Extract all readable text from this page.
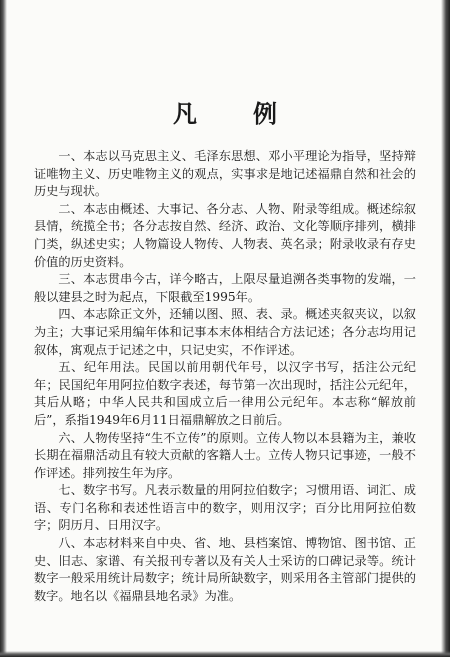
凡　例

一、本志以马克思主义、毛泽东思想、邓小平理论为指导，坚持辩证唯物主义、历史唯物主义的观点，实事求是地记述福鼎自然和社会的历史与现状。

二、本志由概述、大事记、各分志、人物、附录等组成。概述综叙县情，统揽全书；各分志按自然、经济、政治、文化等顺序排列，横排门类，纵述史实；人物篇设人物传、人物表、英名录；附录收录有存史价值的历史资料。

三、本志贯串今古，详今略古，上限尽量追溯各类事物的发端，一般以建县之时为起点，下限截至1995年。

四、本志除正文外，还辅以图、照、表、录。概述夹叙夹议，以叙为主；大事记采用编年体和记事本末体相结合方法记述；各分志均用记叙体，寓观点于记述之中，只记史实，不作评述。

五、纪年用法。民国以前用朝代年号，以汉字书写，括注公元纪年；民国纪年用阿拉伯数字表述，每节第一次出现时，括注公元纪年，其后从略；中华人民共和国成立后一律用公元纪年。本志称“解放前后”，系指1949年6月11日福鼎解放之日前后。

六、人物传坚持“生不立传”的原则。立传人物以本县籍为主，兼收长期在福鼎活动且有较大贡献的客籍人士。立传人物只记事迹，一般不作评述。排列按生年为序。

七、数字书写。凡表示数量的用阿拉伯数字；习惯用语、词汇、成语、专门名称和表述性语言中的数字，则用汉字；百分比用阿拉伯数字；阴历月、日用汉字。

八、本志材料来自中央、省、地、县档案馆、博物馆、图书馆、正史、旧志、家谱、有关报刊专著以及有关人士采访的口碑记录等。统计数字一般采用统计局数字；统计局所缺数字，则采用各主管部门提供的数字。地名以《福鼎县地名录》为准。
